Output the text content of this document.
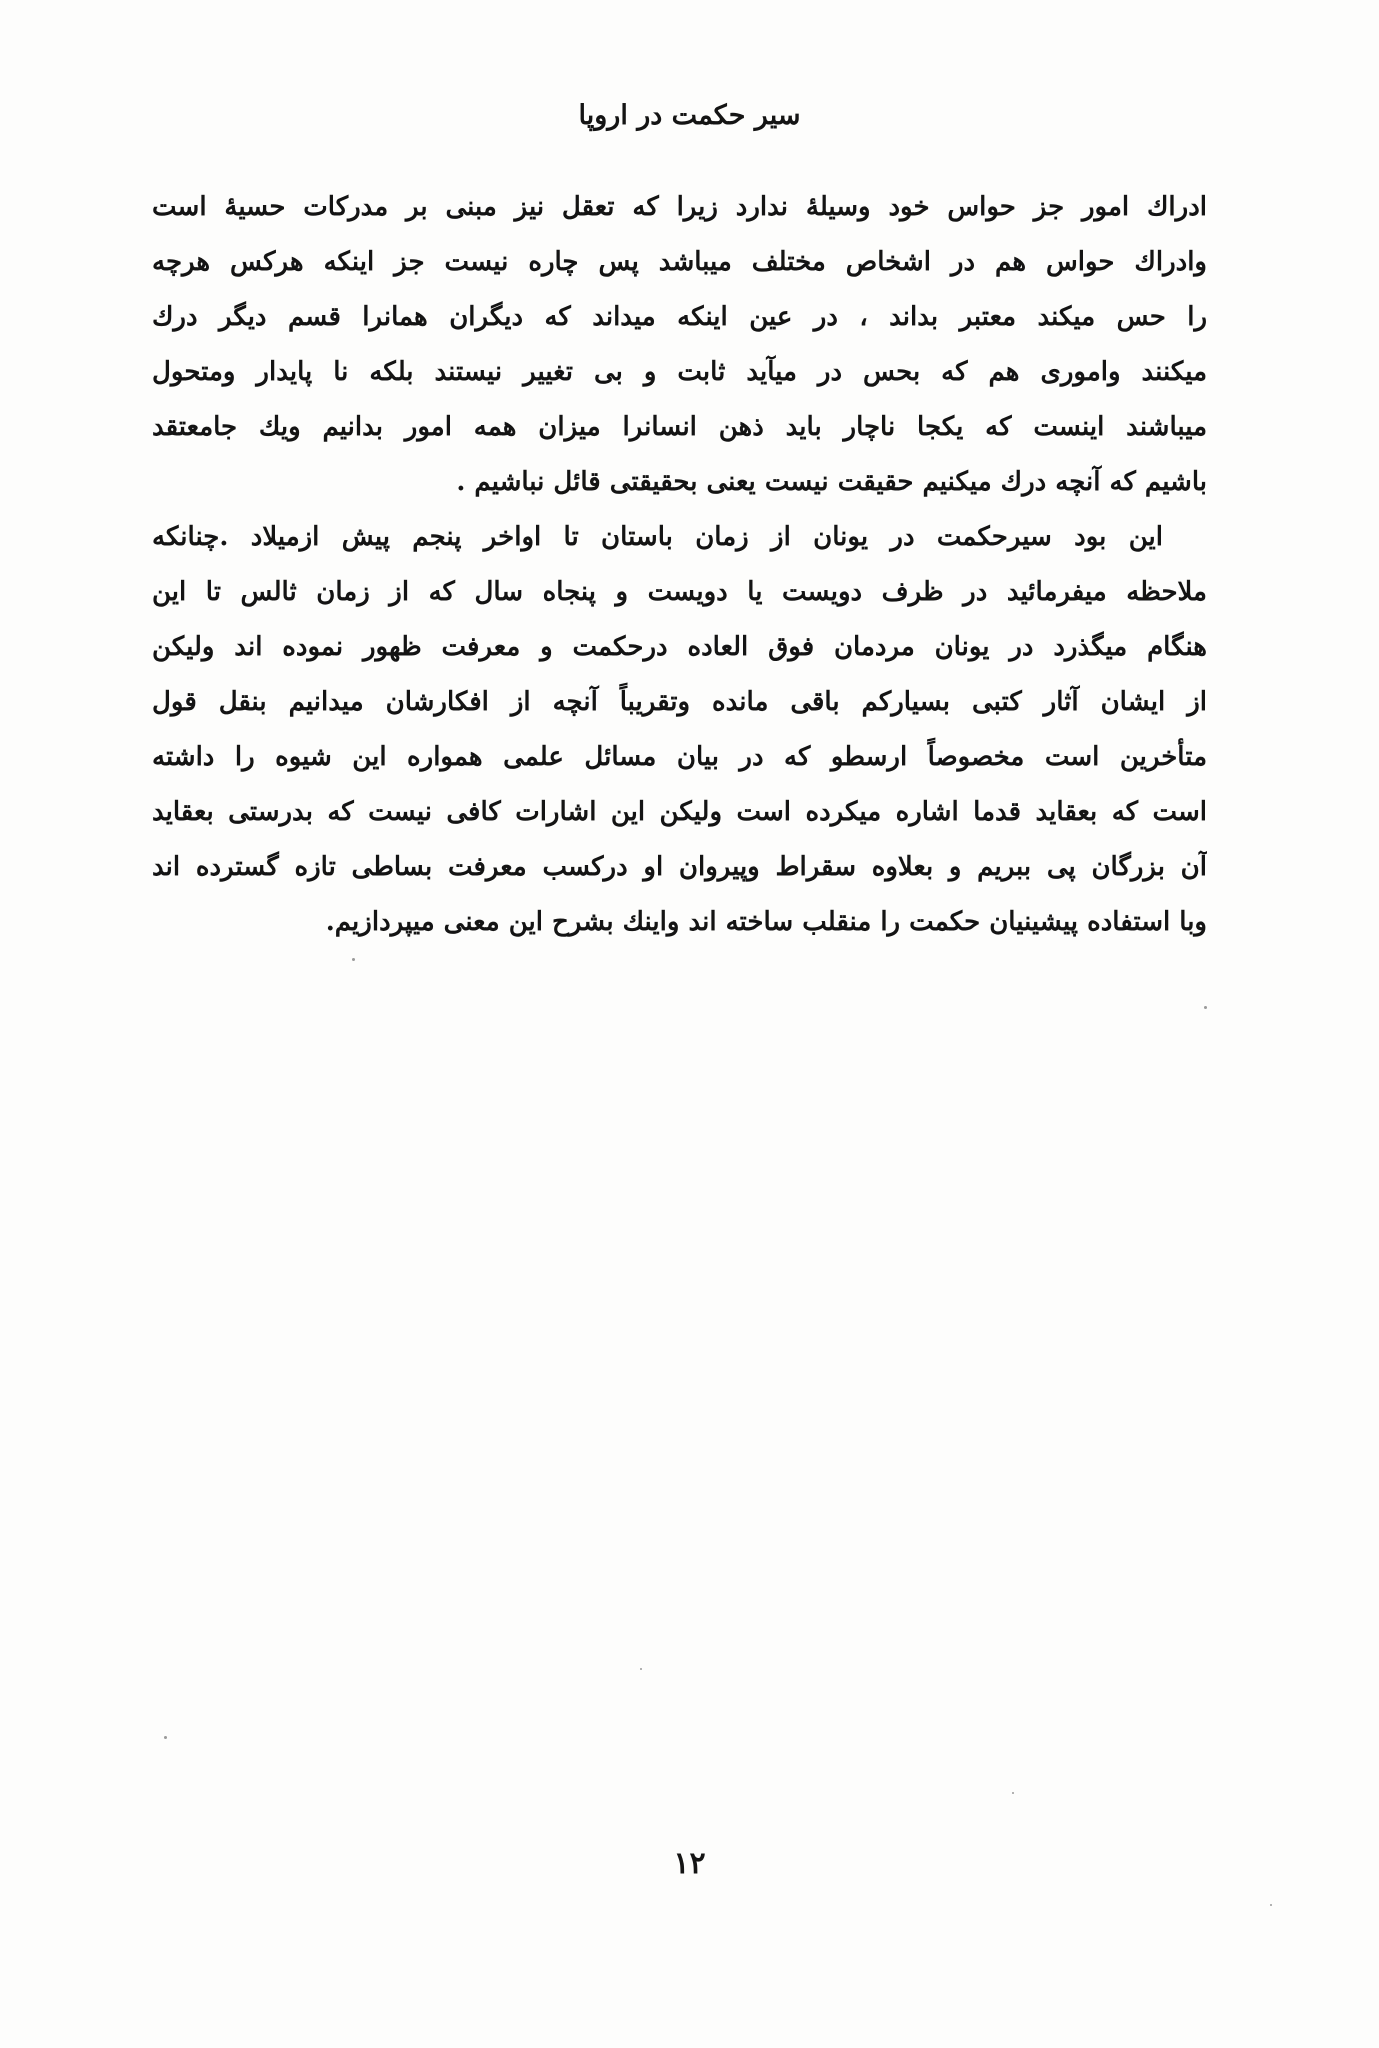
سیر حکمت در اروپا
ادراك امور جز حواس خود وسیلهٔ ندارد زیرا که تعقل نیز مبنی بر مدرکات حسیهٔ است
وادراك حواس هم در اشخاص مختلف میباشد پس چاره نیست جز اینکه هرکس هرچه
را حس میکند معتبر بداند ، در عین اینکه میداند که دیگران همانرا قسم دیگر درك
میکنند واموری هم که بحس در میآید ثابت و بی تغییر نیستند بلکه نا پایدار ومتحول
میباشند اینست که یکجا ناچار باید ذهن انسانرا میزان همه امور بدانیم ویك جامعتقد
باشیم که آنچه درك میکنیم حقیقت نیست یعنی بحقیقتی قائل نباشیم .
این بود سیرحکمت در یونان از زمان باستان تا اواخر پنجم پیش ازمیلاد .چنانکه
ملاحظه میفرمائید در ظرف دویست یا دویست و پنجاه سال که از زمان ثالس تا این
هنگام میگذرد در یونان مردمان فوق العاده درحکمت و معرفت ظهور نموده اند ولیکن
از ایشان آثار کتبی بسیارکم باقی مانده وتقریباً آنچه از افکارشان میدانیم بنقل قول
متأخرین است مخصوصاً ارسطو که در بیان مسائل علمی همواره این شیوه را داشته
است که بعقاید قدما اشاره میکرده است ولیکن این اشارات کافی نیست که بدرستی بعقاید
آن بزرگان پی ببریم و بعلاوه سقراط وپیروان او درکسب معرفت بساطی تازه گسترده اند
وبا استفاده پیشینیان حکمت را منقلب ساخته اند واینك بشرح این معنی میپردازیم.
۱۲
